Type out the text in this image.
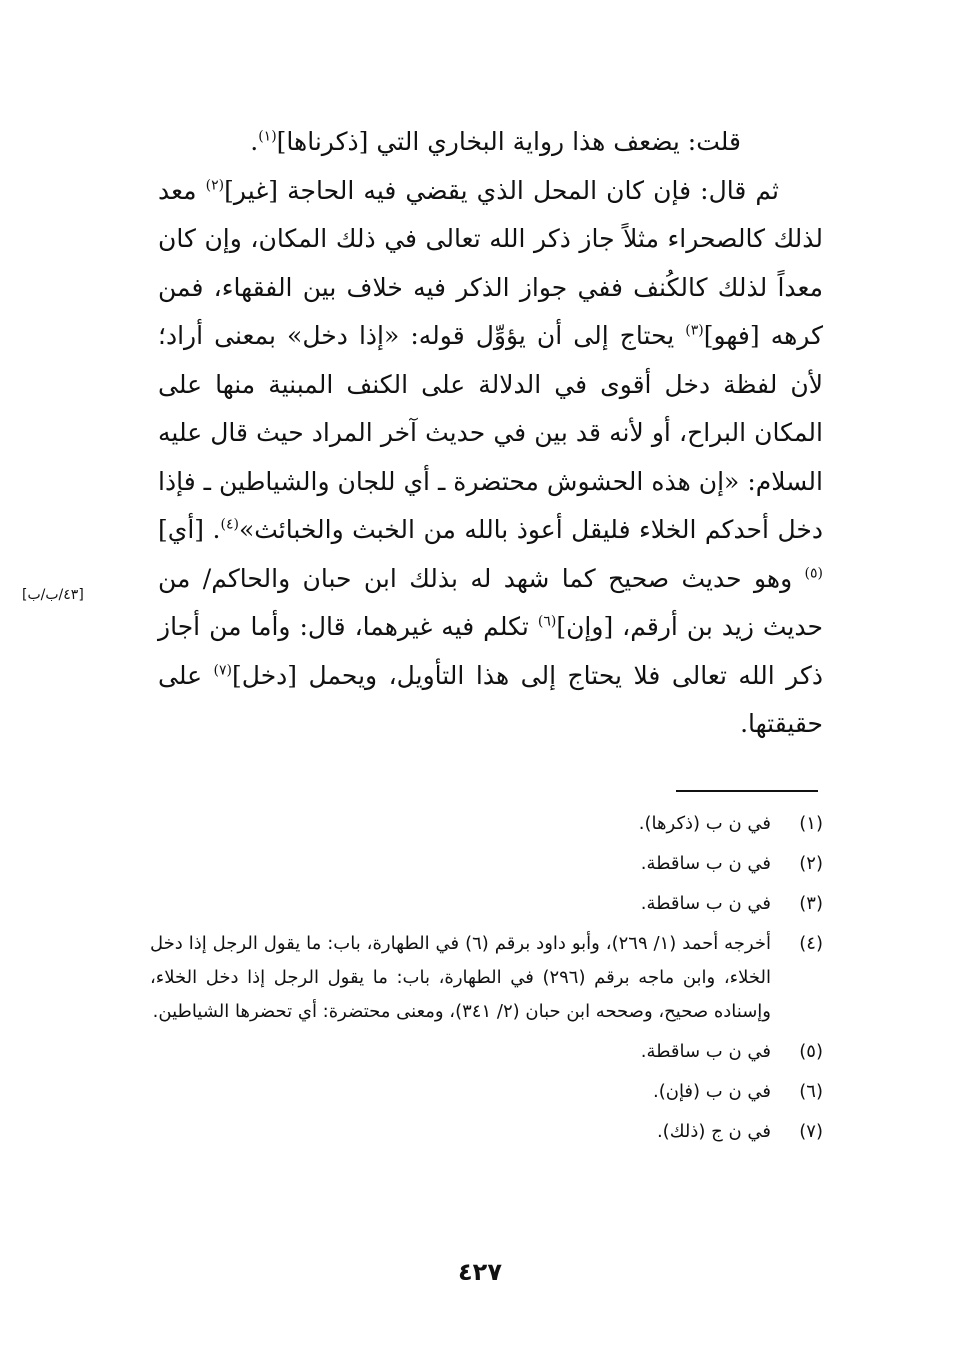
قلت: يضعف هذا رواية البخاري التي [ذكرناها]$^{(١)}$.

ثم قال: فإن كان المحل الذي يقضي فيه الحاجة [غير]$^{(٢)}$ معد لذلك كالصحراء مثلاً جاز ذكر الله تعالى في ذلك المكان، وإن كان معداً لذلك كالكُنف ففي جواز الذكر فيه خلاف بين الفقهاء، فمن كرهه [فهو]$^{(٣)}$ يحتاج إلى أن يؤوِّل قوله: «إذا دخل» بمعنى أراد؛ لأن لفظة دخل أقوى في الدلالة على الكنف المبنية منها على المكان البراح، أو لأنه قد بين في حديث آخر المراد حيث قال عليه السلام: «إن هذه الحشوش محتضرة ـ أي للجان والشياطين ـ فإذا دخل أحدكم الخلاء فليقل أعوذ بالله من الخبث والخبائث»$^{(٤)}$. [أي]$^{(٥)}$ وهو حديث صحيح كما شهد له بذلك ابن حبان والحاكم/ من حديث زيد بن أرقم، [وإن]$^{(٦)}$ تكلم فيه غيرهما، قال: وأما من أجاز ذكر الله تعالى فلا يحتاج إلى هذا التأويل، ويحمل [دخل]$^{(٧)}$ على حقيقتها.

[٤٣/ب/ب]
(١)
في ن ب (ذكرها).
(٢)
في ن ب ساقطة.
(٣)
في ن ب ساقطة.
(٤)
أخرجه أحمد (١/ ٢٦٩)، وأبو داود برقم (٦) في الطهارة، باب: ما يقول الرجل إذا دخل الخلاء، وابن ماجه برقم (٢٩٦) في الطهارة، باب: ما يقول الرجل إذا دخل الخلاء، وإسناده صحيح، وصححه ابن حبان (٢/ ٣٤١)، ومعنى محتضرة: أي تحضرها الشياطين.
(٥)
في ن ب ساقطة.
(٦)
في ن ب (فإن).
(٧)
في ن ج (ذلك).
٤٢٧
